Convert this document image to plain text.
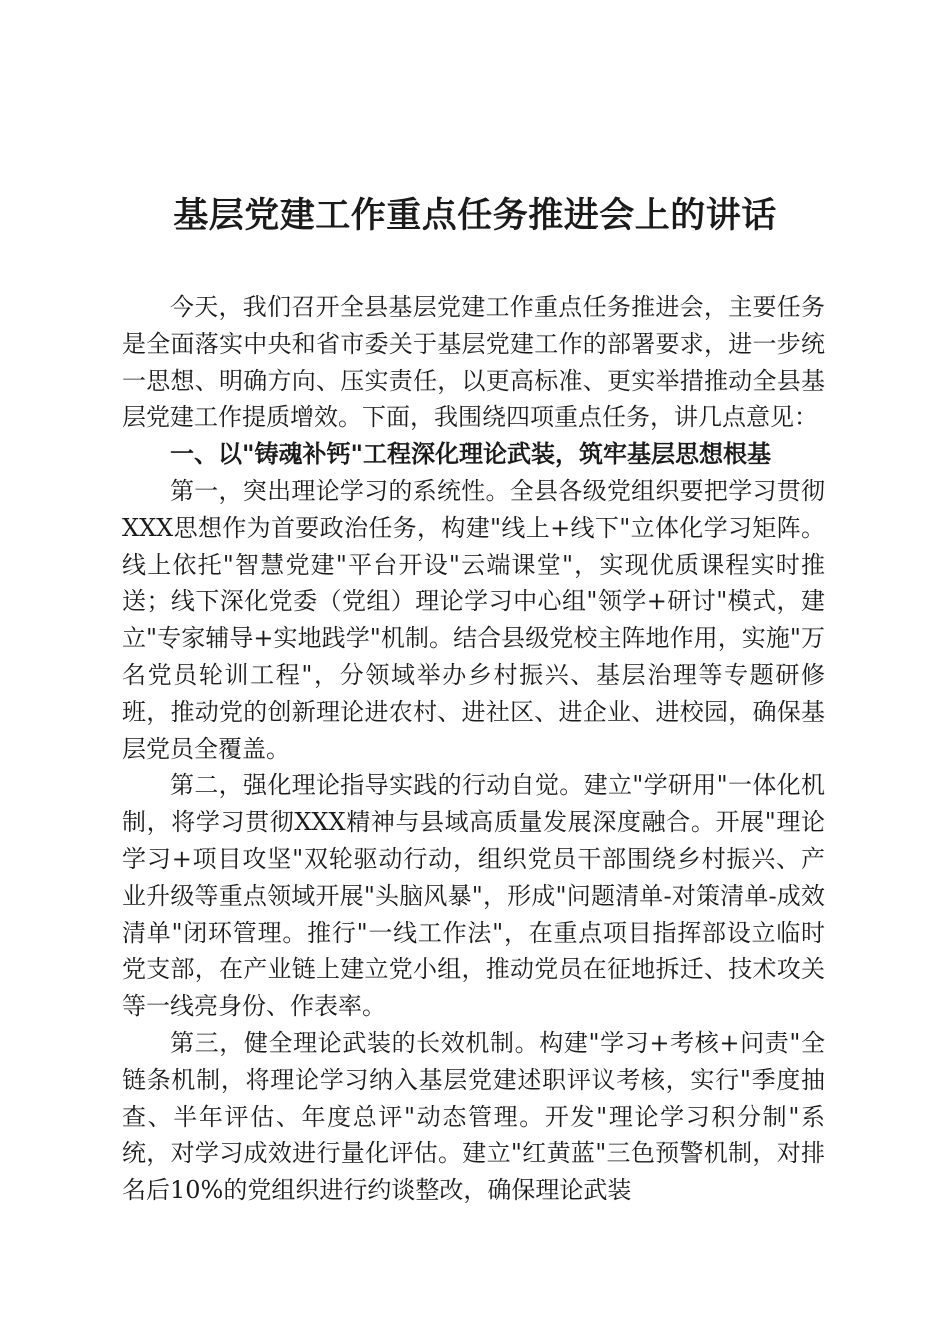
基层党建工作重点任务推进会上的讲话

今天，我们召开全县基层党建工作重点任务推进会，主要任务是全面落实中央和省市委关于基层党建工作的部署要求，进一步统一思想、明确方向、压实责任，以更高标准、更实举措推动全县基层党建工作提质增效。下面，我围绕四项重点任务，讲几点意见：

一、以"铸魂补钙"工程深化理论武装，筑牢基层思想根基

第一，突出理论学习的系统性。全县各级党组织要把学习贯彻XXX思想作为首要政治任务，构建"线上+线下"立体化学习矩阵。线上依托"智慧党建"平台开设"云端课堂"，实现优质课程实时推送；线下深化党委（党组）理论学习中心组"领学+研讨"模式，建立"专家辅导+实地践学"机制。结合县级党校主阵地作用，实施"万名党员轮训工程"，分领域举办乡村振兴、基层治理等专题研修班，推动党的创新理论进农村、进社区、进企业、进校园，确保基层党员全覆盖。

第二，强化理论指导实践的行动自觉。建立"学研用"一体化机制，将学习贯彻XXX精神与县域高质量发展深度融合。开展"理论学习+项目攻坚"双轮驱动行动，组织党员干部围绕乡村振兴、产业升级等重点领域开展"头脑风暴"，形成"问题清单-对策清单-成效清单"闭环管理。推行"一线工作法"，在重点项目指挥部设立临时党支部，在产业链上建立党小组，推动党员在征地拆迁、技术攻关等一线亮身份、作表率。

第三，健全理论武装的长效机制。构建"学习+考核+问责"全链条机制，将理论学习纳入基层党建述职评议考核，实行"季度抽查、半年评估、年度总评"动态管理。开发"理论学习积分制"系统，对学习成效进行量化评估。建立"红黄蓝"三色预警机制，对排名后10%的党组织进行约谈整改，确保理论武装
